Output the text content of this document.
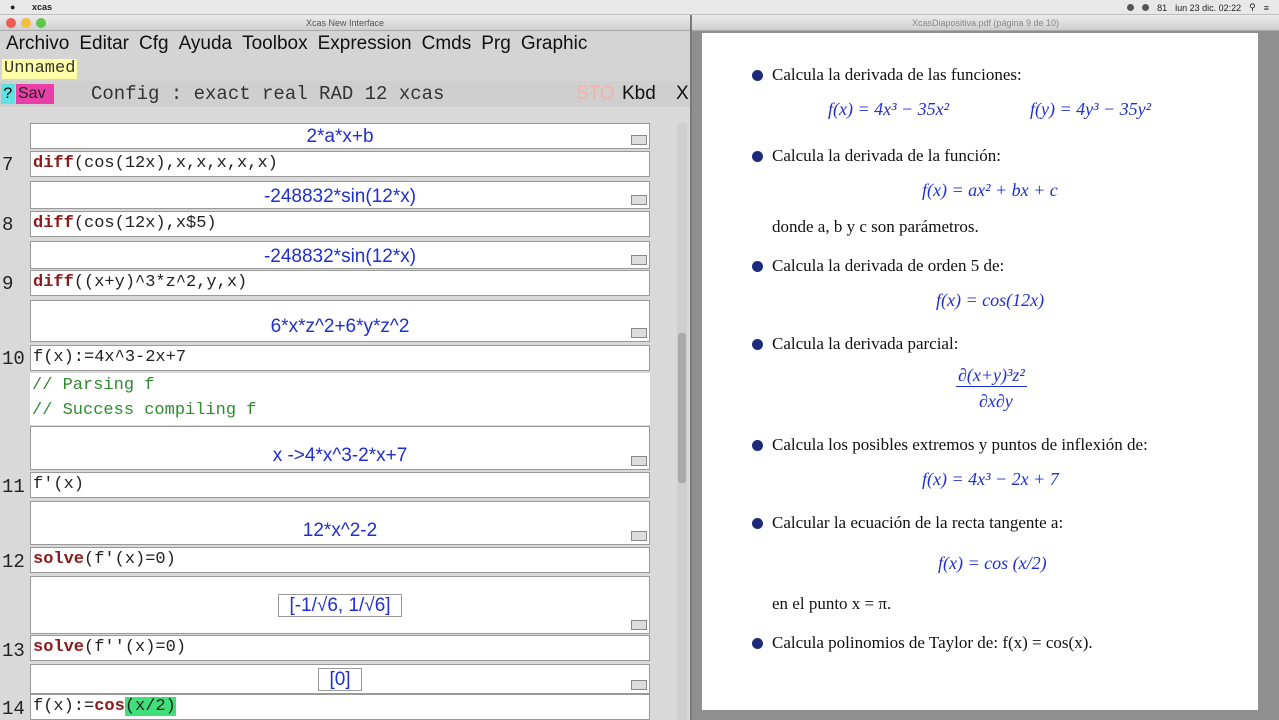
● xcas	81 lun 23 dic. 02:22 ⚲ ≡
Xcas New Interface
Archivo Editar Cfg Ayuda Toolbox Expression Cmds Prg Graphic
Unnamed
? Sav	Config : exact real RAD 12 xcas	STO Kbd X
2*a*x+b
7	diff(cos(12x),x,x,x,x,x)
-248832*sin(12*x)
8	diff(cos(12x),x$5)
-248832*sin(12*x)
9	diff((x+y)^3*z^2,y,x)
6*x*z^2+6*y*z^2
10 f(x):=4x^3-2x+7
// Parsing f
// Success compiling f
x ->4*x^3-2*x+7
11 f'(x)
12*x^2-2
12 solve(f'(x)=0)
[-1/√6, 1/√6]
13 solve(f''(x)=0)
[0]
14 f(x):=cos(x/2)
XcasDiapositiva.pdf (página 9 de 10)
Calcula la derivada de las funciones:
f(x) = 4x³ − 35x²	f(y) = 4y³ − 35y²
Calcula la derivada de la función:
f(x) = ax² + bx + c
donde a, b y c son parámetros.
Calcula la derivada de orden 5 de:
f(x) = cos(12x)
Calcula la derivada parcial:
∂(x+y)³z²
∂x∂y
Calcula los posibles extremos y puntos de inflexión de:
f(x) = 4x³ − 2x + 7
Calcular la ecuación de la recta tangente a:
f(x) = cos (x/2)
en el punto x = π.
Calcula polinomios de Taylor de: f(x) = cos(x).
